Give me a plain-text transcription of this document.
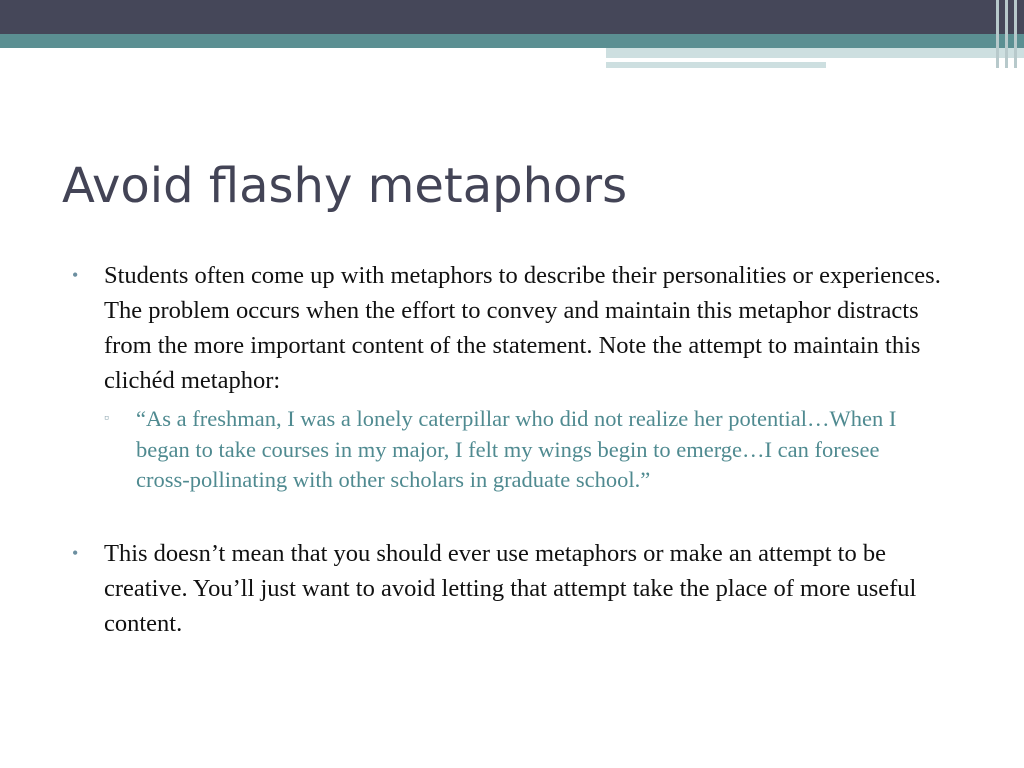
Avoid flashy metaphors
• Students often come up with metaphors to describe their personalities or experiences. The problem occurs when the effort to convey and maintain this metaphor distracts from the more important content of the statement. Note the attempt to maintain this clichéd metaphor:
▫ “As a freshman, I was a lonely caterpillar who did not realize her potential…When I began to take courses in my major, I felt my wings begin to emerge…I can foresee cross-pollinating with other scholars in graduate school.”
• This doesn’t mean that you should ever use metaphors or make an attempt to be creative. You’ll just want to avoid letting that attempt take the place of more useful content.
